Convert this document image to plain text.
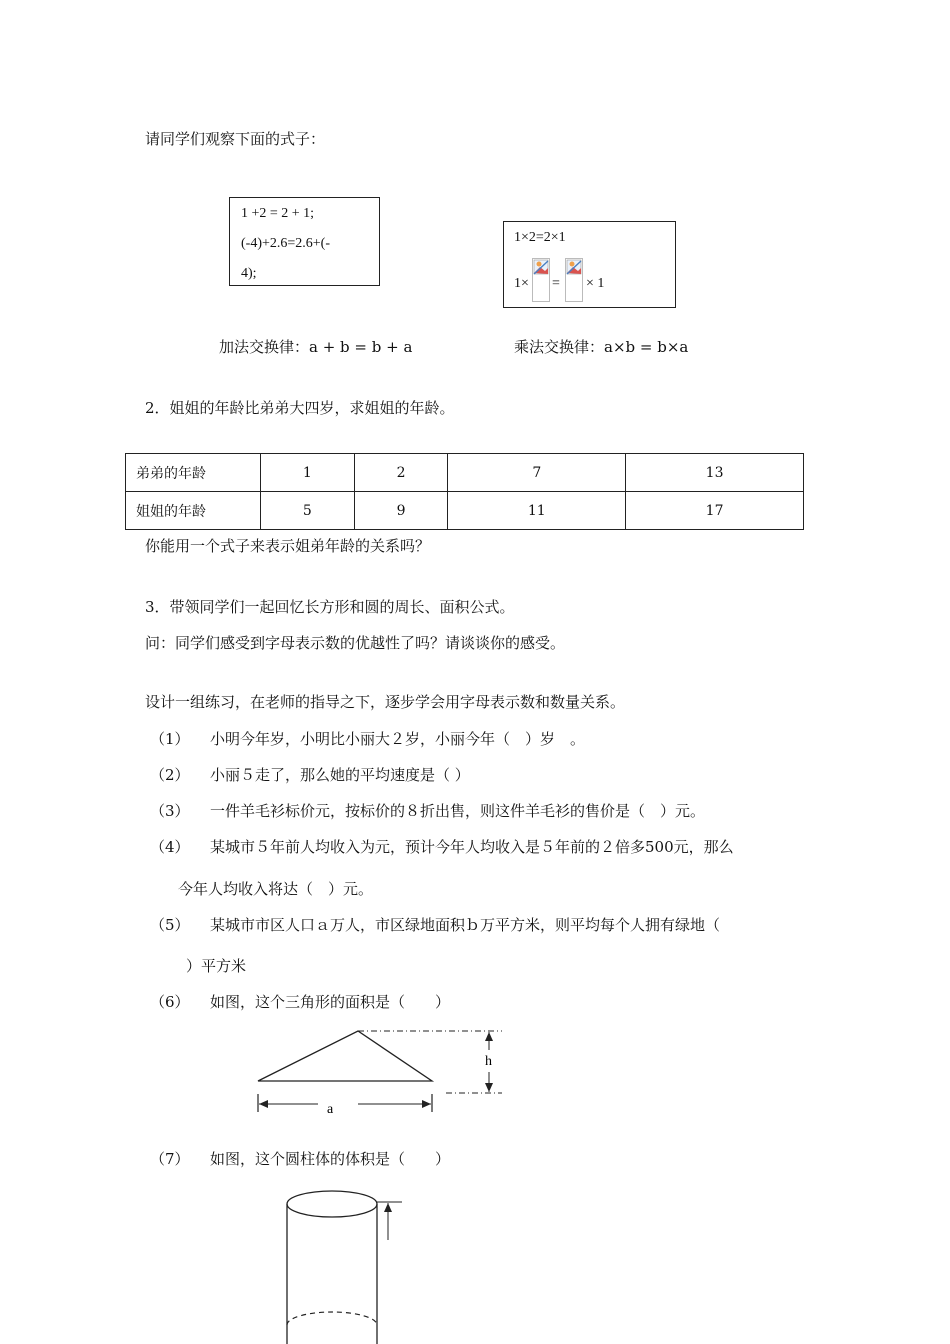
请同学们观察下面的式子：
1 +2 = 2 + 1;
(-4)+2.6=2.6+(-
4);
1×2=2×1
1× = × 1
加法交换律：a + b = b + a	乘法交换律：a×b = b×a
2．姐姐的年龄比弟弟大四岁，求姐姐的年龄。
弟弟的年龄	1	2	7	13
姐姐的年龄	5	9	11	17
你能用一个式子来表示姐弟年龄的关系吗？
3．带领同学们一起回忆长方形和圆的周长、面积公式。
问：同学们感受到字母表示数的优越性了吗？请谈谈你的感受。
设计一组练习，在老师的指导之下，逐步学会用字母表示数和数量关系。
（1） 小明今年岁，小明比小丽大２岁，小丽今年（　）岁　。
（2） 小丽５走了，那么她的平均速度是（ ）
（3） 一件羊毛衫标价元，按标价的８折出售，则这件羊毛衫的售价是（　）元。
（4） 某城市５年前人均收入为元，预计今年人均收入是５年前的２倍多500元，那么
今年人均收入将达（　）元。
（5） 某城市市区人口ａ万人，市区绿地面积ｂ万平方米，则平均每个人拥有绿地（
）平方米
（6） 如图，这个三角形的面积是（　　）
h
a
（7） 如图，这个圆柱体的体积是（　　）
